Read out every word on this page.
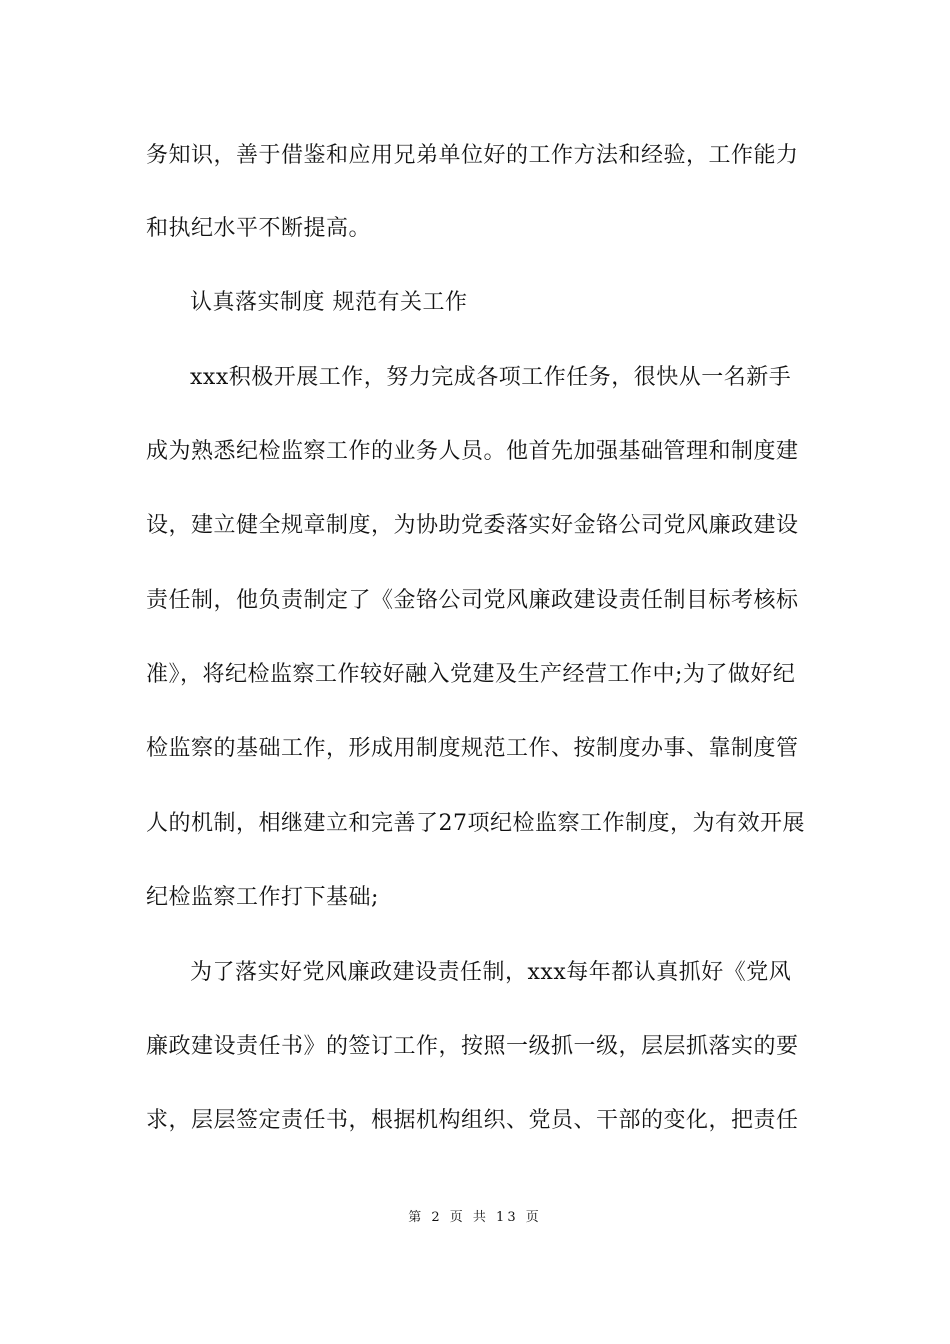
务知识，善于借鉴和应用兄弟单位好的工作方法和经验，工作能力
和执纪水平不断提高。
认真落实制度 规范有关工作
xxx积极开展工作，努力完成各项工作任务，很快从一名新手
成为熟悉纪检监察工作的业务人员。他首先加强基础管理和制度建
设，建立健全规章制度，为协助党委落实好金铬公司党风廉政建设
责任制，他负责制定了《金铬公司党风廉政建设责任制目标考核标
准》，将纪检监察工作较好融入党建及生产经营工作中;为了做好纪
检监察的基础工作，形成用制度规范工作、按制度办事、靠制度管
人的机制，相继建立和完善了27项纪检监察工作制度，为有效开展
纪检监察工作打下基础;
为了落实好党风廉政建设责任制，xxx每年都认真抓好《党风
廉政建设责任书》的签订工作，按照一级抓一级，层层抓落实的要
求，层层签定责任书，根据机构组织、党员、干部的变化，把责任
第 2 页 共 13 页
